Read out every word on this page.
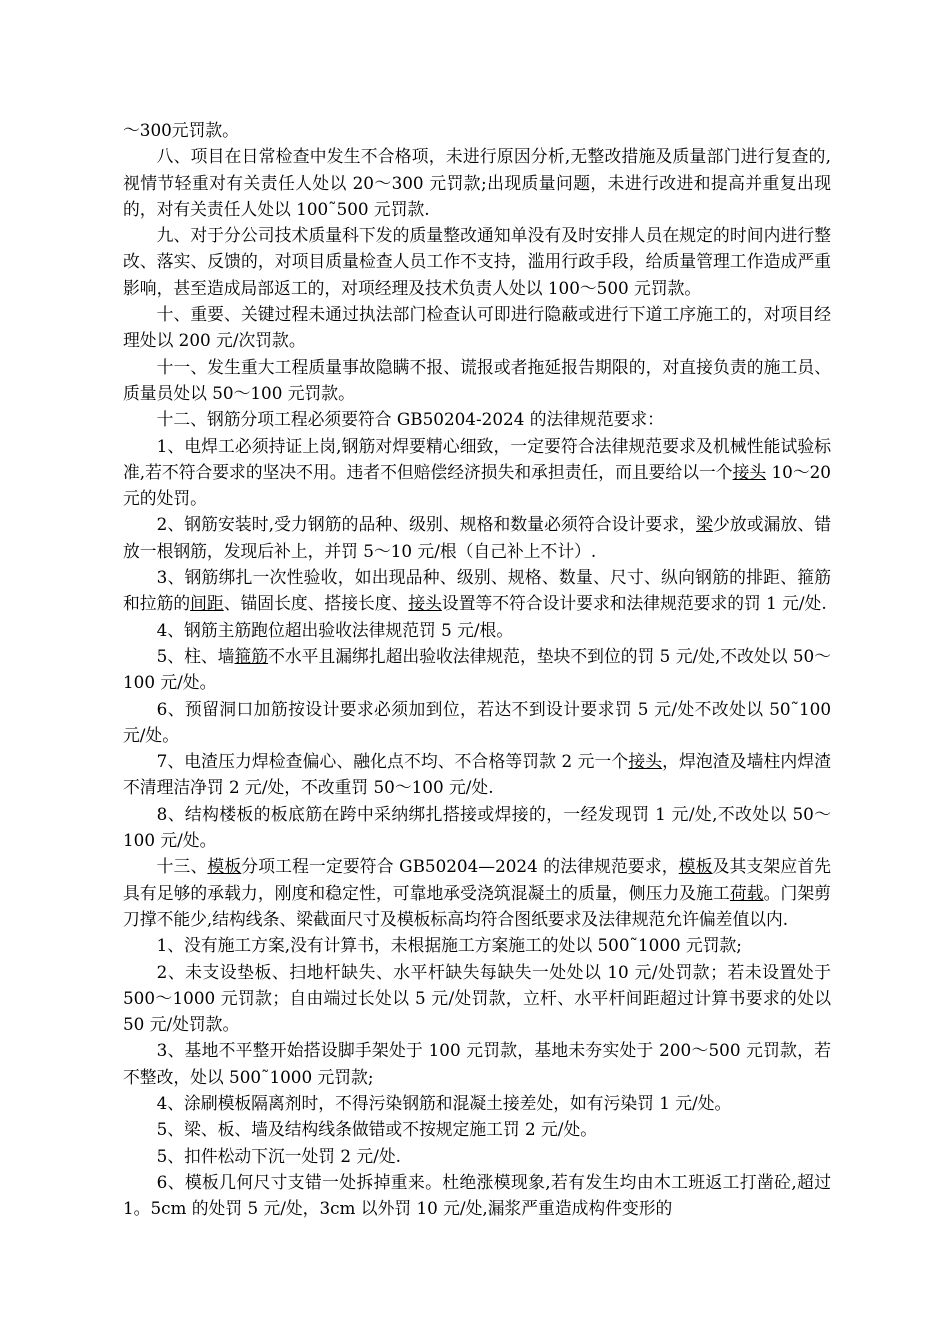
～300元罚款。

八、项目在日常检查中发生不合格项，未进行原因分析,无整改措施及质量部门进行复查的,视情节轻重对有关责任人处以 20～300 元罚款;出现质量问题，未进行改进和提高并重复出现的，对有关责任人处以 100˜500 元罚款.

九、对于分公司技术质量科下发的质量整改通知单没有及时安排人员在规定的时间内进行整改、落实、反馈的，对项目质量检查人员工作不支持，滥用行政手段，给质量管理工作造成严重影响，甚至造成局部返工的，对项经理及技术负责人处以 100～500 元罚款。

十、重要、关键过程未通过执法部门检查认可即进行隐蔽或进行下道工序施工的，对项目经理处以 200 元/次罚款。

十一、发生重大工程质量事故隐瞒不报、谎报或者拖延报告期限的，对直接负责的施工员、质量员处以 50～100 元罚款。

十二、钢筋分项工程必须要符合 GB50204-2024 的法律规范要求：

1、电焊工必须持证上岗,钢筋对焊要精心细致，一定要符合法律规范要求及机械性能试验标准,若不符合要求的坚决不用。违者不但赔偿经济损失和承担责任，而且要给以一个接头 10～20 元的处罚。

2、钢筋安装时,受力钢筋的品种、级别、规格和数量必须符合设计要求，梁少放或漏放、错放一根钢筋，发现后补上，并罚 5～10 元/根（自己补上不计）.

3、钢筋绑扎一次性验收，如出现品种、级别、规格、数量、尺寸、纵向钢筋的排距、箍筋和拉筋的间距、锚固长度、搭接长度、接头设置等不符合设计要求和法律规范要求的罚 1 元/处.

4、钢筋主筋跑位超出验收法律规范罚 5 元/根。

5、柱、墙箍筋不水平且漏绑扎超出验收法律规范，垫块不到位的罚 5 元/处,不改处以 50～100 元/处。

6、预留洞口加筋按设计要求必须加到位，若达不到设计要求罚 5 元/处不改处以 50˜100 元/处。

7、电渣压力焊检查偏心、融化点不均、不合格等罚款 2 元一个接头，焊泡渣及墙柱内焊渣不清理洁净罚 2 元/处，不改重罚 50～100 元/处.

8、结构楼板的板底筋在跨中采纳绑扎搭接或焊接的，一经发现罚 1 元/处,不改处以 50～100 元/处。

十三、模板分项工程一定要符合 GB50204—2024 的法律规范要求，模板及其支架应首先具有足够的承载力，刚度和稳定性，可靠地承受浇筑混凝土的质量，侧压力及施工荷载。门架剪刀撑不能少,结构线条、梁截面尺寸及模板标高均符合图纸要求及法律规范允许偏差值以内.

1、没有施工方案,没有计算书，未根据施工方案施工的处以 500˜1000 元罚款;

2、未支设垫板、扫地杆缺失、水平杆缺失每缺失一处处以 10 元/处罚款；若未设置处于 500～1000 元罚款；自由端过长处以 5 元/处罚款，立杆、水平杆间距超过计算书要求的处以 50 元/处罚款。

3、基地不平整开始搭设脚手架处于 100 元罚款，基地未夯实处于 200～500 元罚款，若不整改，处以 500˜1000 元罚款;

4、涂刷模板隔离剂时，不得污染钢筋和混凝土接差处，如有污染罚 1 元/处。

5、梁、板、墙及结构线条做错或不按规定施工罚 2 元/处。

5、扣件松动下沉一处罚 2 元/处.

6、模板几何尺寸支错一处拆掉重来。杜绝涨模现象,若有发生均由木工班返工打凿砼,超过 1。5cm 的处罚 5 元/处，3cm 以外罚 10 元/处,漏浆严重造成构件变形的
